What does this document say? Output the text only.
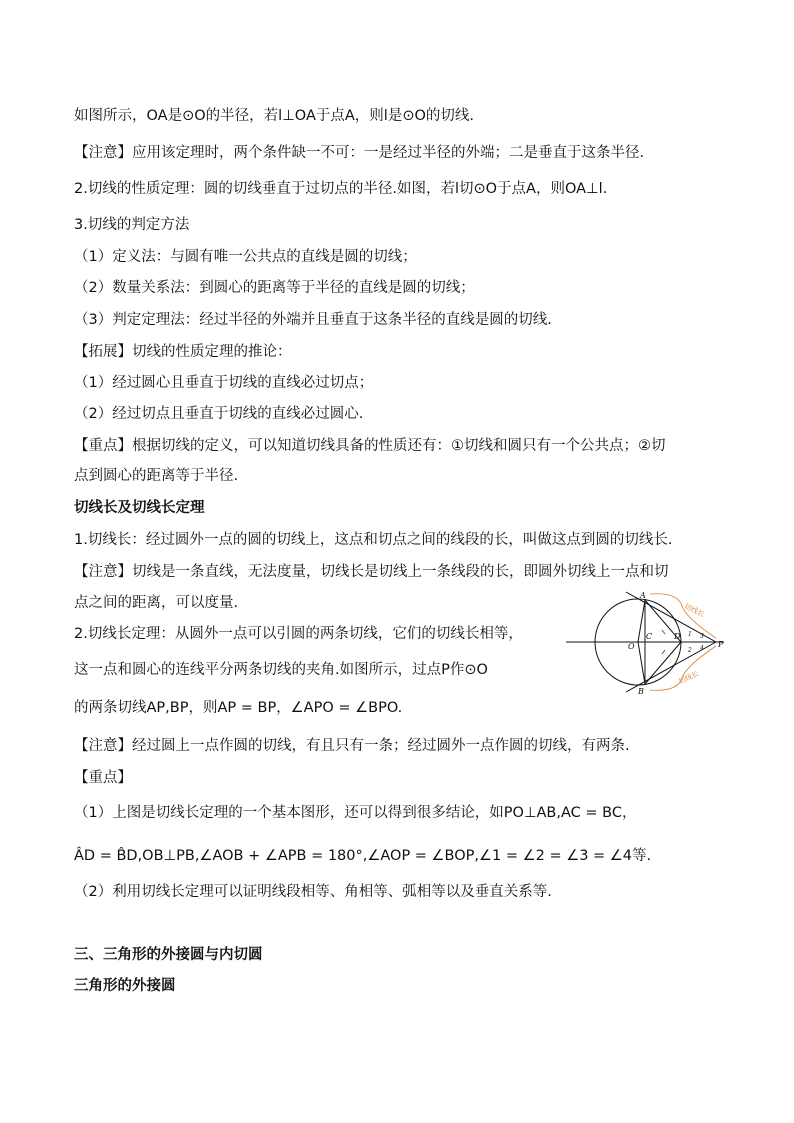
如图所示，OA是⊙O的半径，若l⊥OA于点A，则l是⊙O的切线.
【注意】应用该定理时，两个条件缺一不可：一是经过半径的外端；二是垂直于这条半径.
2.切线的性质定理：圆的切线垂直于过切点的半径.如图，若l切⊙O于点A，则OA⊥l.
3.切线的判定方法
（1）定义法：与圆有唯一公共点的直线是圆的切线；
（2）数量关系法：到圆心的距离等于半径的直线是圆的切线；
（3）判定定理法：经过半径的外端并且垂直于这条半径的直线是圆的切线.
【拓展】切线的性质定理的推论：
（1）经过圆心且垂直于切线的直线必过切点；
（2）经过切点且垂直于切线的直线必过圆心.
【重点】根据切线的定义，可以知道切线具备的性质还有：①切线和圆只有一个公共点；②切
点到圆心的距离等于半径.
切线长及切线长定理
1.切线长：经过圆外一点的圆的切线上，这点和切点之间的线段的长，叫做这点到圆的切线长.
【注意】切线是一条直线，无法度量，切线长是切线上一条线段的长，即圆外切线上一点和切
点之间的距离，可以度量.
2.切线长定理：从圆外一点可以引圆的两条切线，它们的切线长相等，
这一点和圆心的连线平分两条切线的夹角.如图所示，过点P作⊙O
的两条切线AP,BP，则AP = BP，∠APO = ∠BPO.
【注意】经过圆上一点作圆的切线，有且只有一条；经过圆外一点作圆的切线，有两条.
【重点】
（1）上图是切线长定理的一个基本图形，还可以得到很多结论，如PO⊥AB,AC = BC，
ÂD = B̂D,OB⊥PB,∠AOB + ∠APB = 180°,∠AOP = ∠BOP,∠1 = ∠2 = ∠3 = ∠4等.
（2）利用切线长定理可以证明线段相等、角相等、弧相等以及垂直关系等.
三、三角形的外接圆与内切圆
三角形的外接圆
切线长
切线长
A
B
O
C	D
P
1
2
3
4
